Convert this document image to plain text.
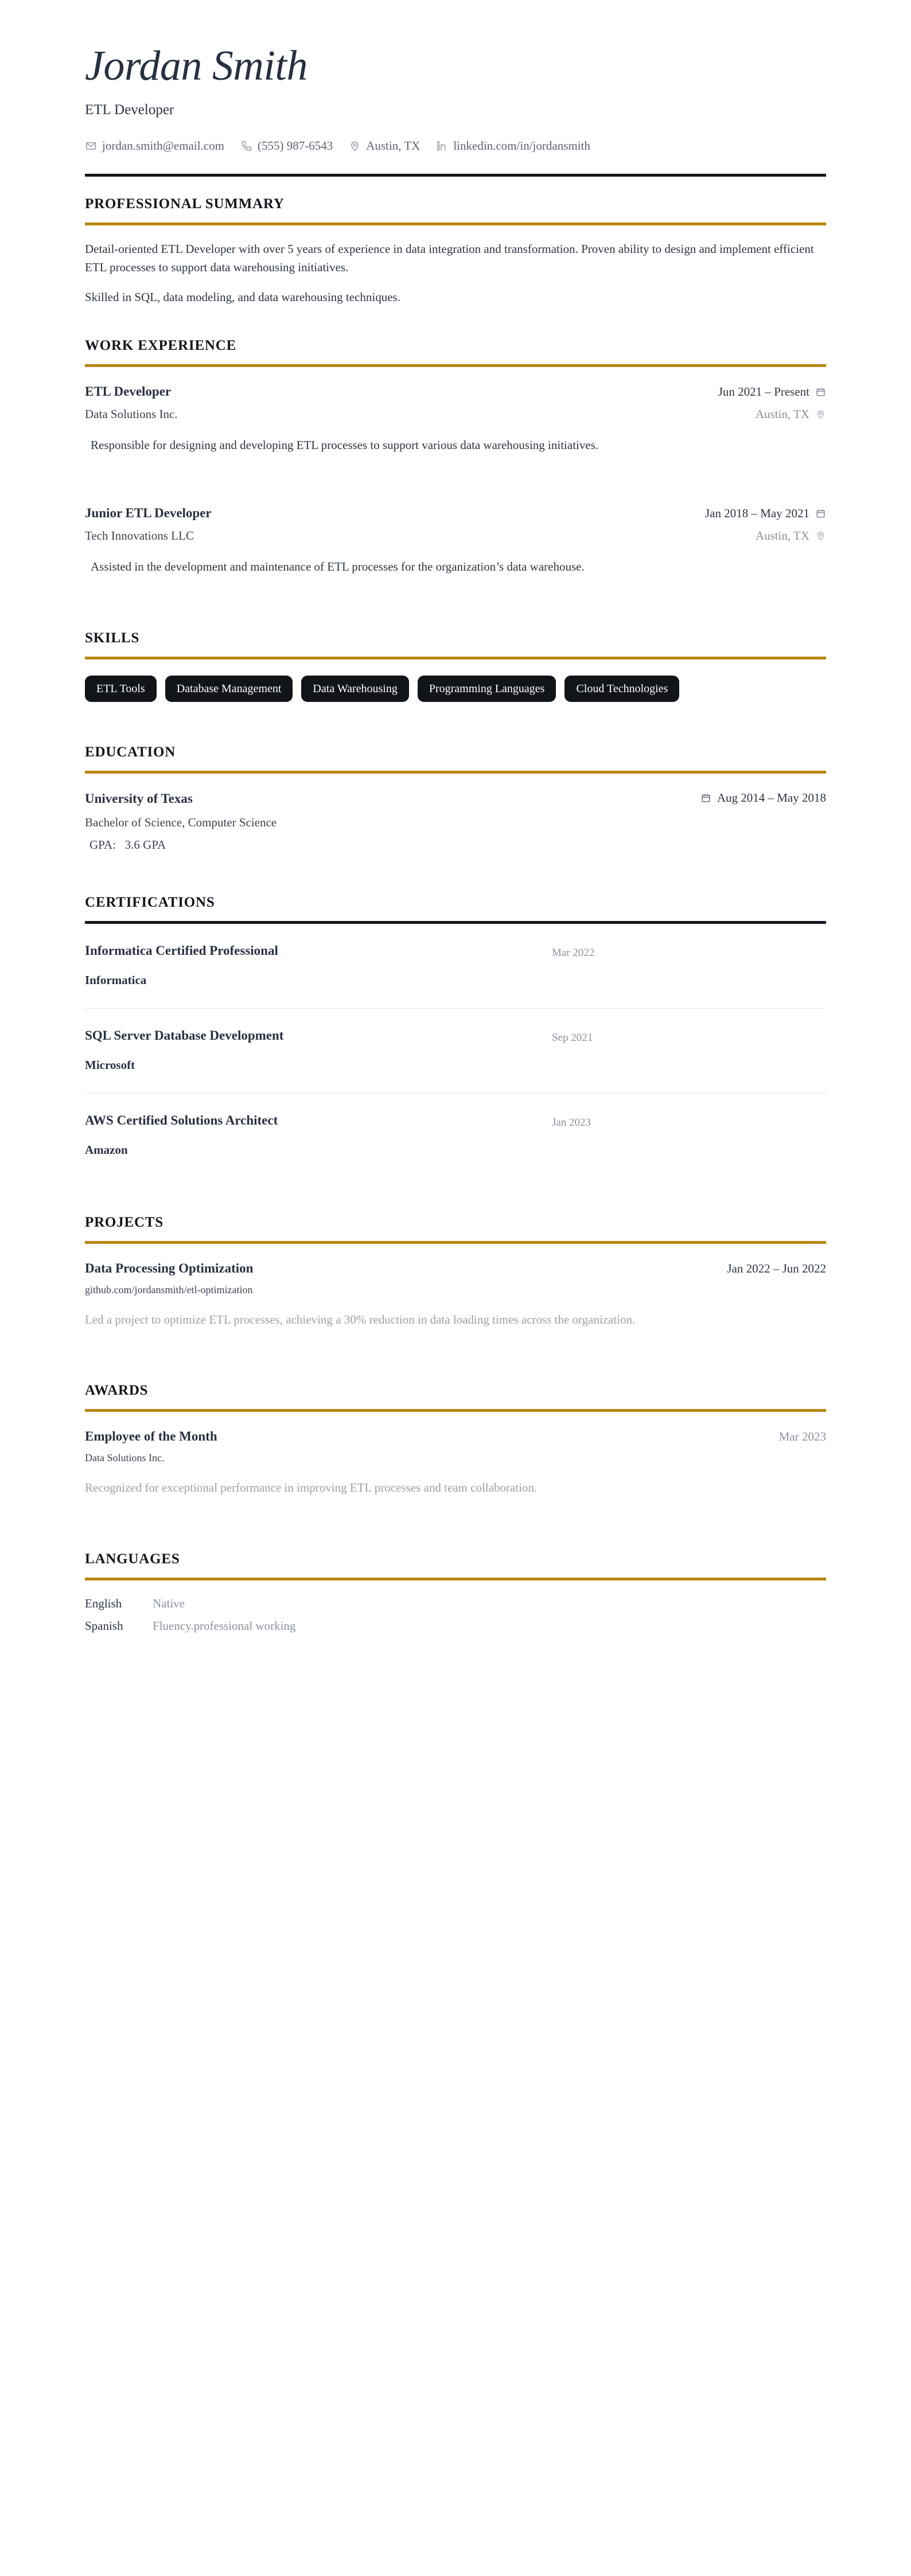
Jordan Smith
ETL Developer
jordan.smith@email.com	(555) 987-6543	Austin, TX	linkedin.com/in/jordansmith
PROFESSIONAL SUMMARY

Detail-oriented ETL Developer with over 5 years of experience in data integration and transformation. Proven ability to design and implement efficient ETL processes to support data warehousing initiatives.

Skilled in SQL, data modeling, and data warehousing techniques.

WORK EXPERIENCE
ETL Developer	Jun 2021 – Present
Data Solutions Inc.	Austin, TX

Responsible for designing and developing ETL processes to support various data warehousing initiatives.

Junior ETL Developer	Jan 2018 – May 2021
Tech Innovations LLC	Austin, TX

Assisted in the development and maintenance of ETL processes for the organization’s data warehouse.

SKILLS
ETL Tools	Database Management	Data Warehousing	Programming Languages	Cloud Technologies
EDUCATION
University of Texas	Aug 2014 – May 2018
Bachelor of Science, Computer Science
GPA: 3.6 GPA
CERTIFICATIONS
Informatica Certified Professional
Informatica
Mar 2022
SQL Server Database Development
Microsoft
Sep 2021
AWS Certified Solutions Architect
Amazon
Jan 2023
PROJECTS
Data Processing Optimization	Jan 2022 – Jun 2022
github.com/jordansmith/etl-optimization

Led a project to optimize ETL processes, achieving a 30% reduction in data loading times across the organization.

AWARDS
Employee of the Month	Mar 2023
Data Solutions Inc.

Recognized for exceptional performance in improving ETL processes and team collaboration.

LANGUAGES
English	Native
Spanish	Fluency.professional working
